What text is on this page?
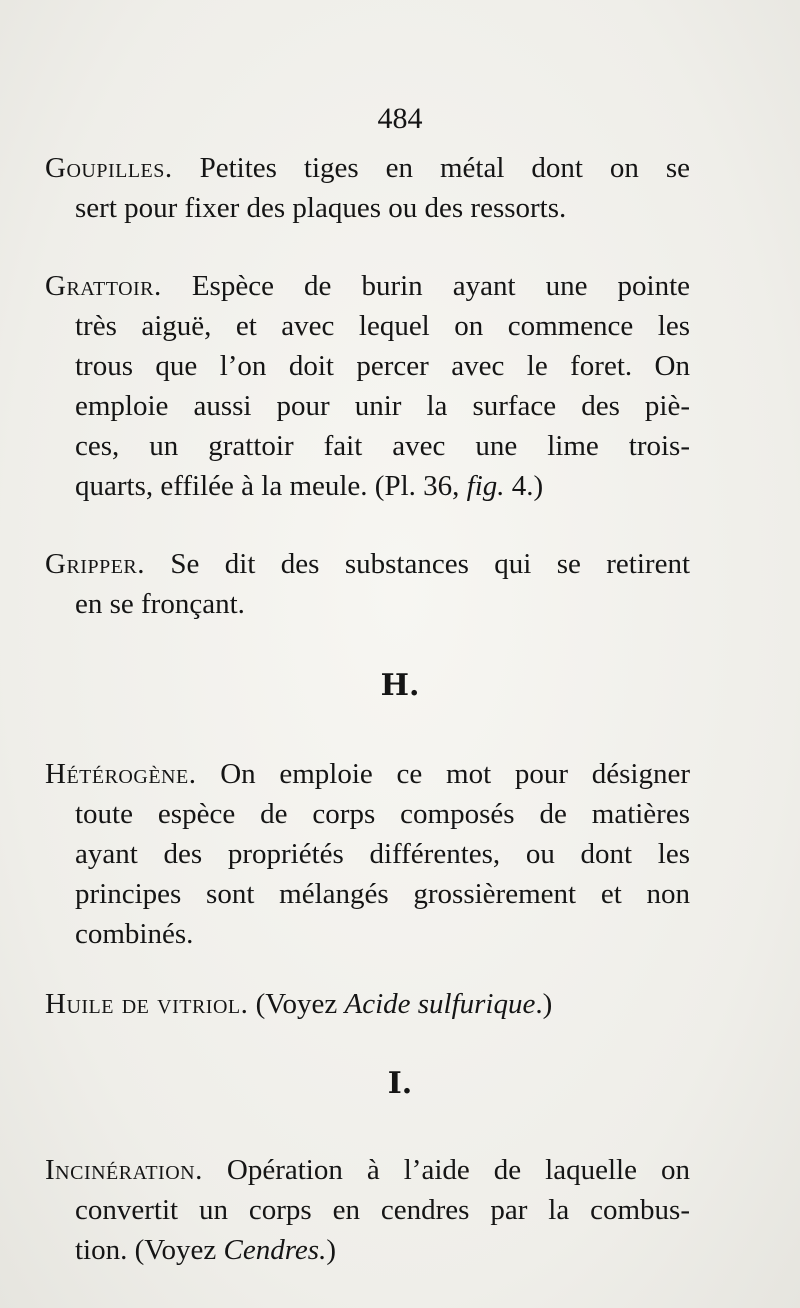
484
Goupilles. Petites tiges en métal dont on se
sert pour fixer des plaques ou des ressorts.
Grattoir. Espèce de burin ayant une pointe
très aiguë, et avec lequel on commence les
trous que l’on doit percer avec le foret. On
emploie aussi pour unir la surface des piè-
ces, un grattoir fait avec une lime trois-
quarts, effilée à la meule. (Pl. 36, fig. 4.)
Gripper. Se dit des substances qui se retirent
en se fronçant.
H.
Hétérogène. On emploie ce mot pour désigner
toute espèce de corps composés de matières
ayant des propriétés différentes, ou dont les
principes sont mélangés grossièrement et non
combinés.
Huile de vitriol. (Voyez Acide sulfurique.)
I.
Incinération. Opération à l’aide de laquelle on
convertit un corps en cendres par la combus-
tion. (Voyez Cendres.)
